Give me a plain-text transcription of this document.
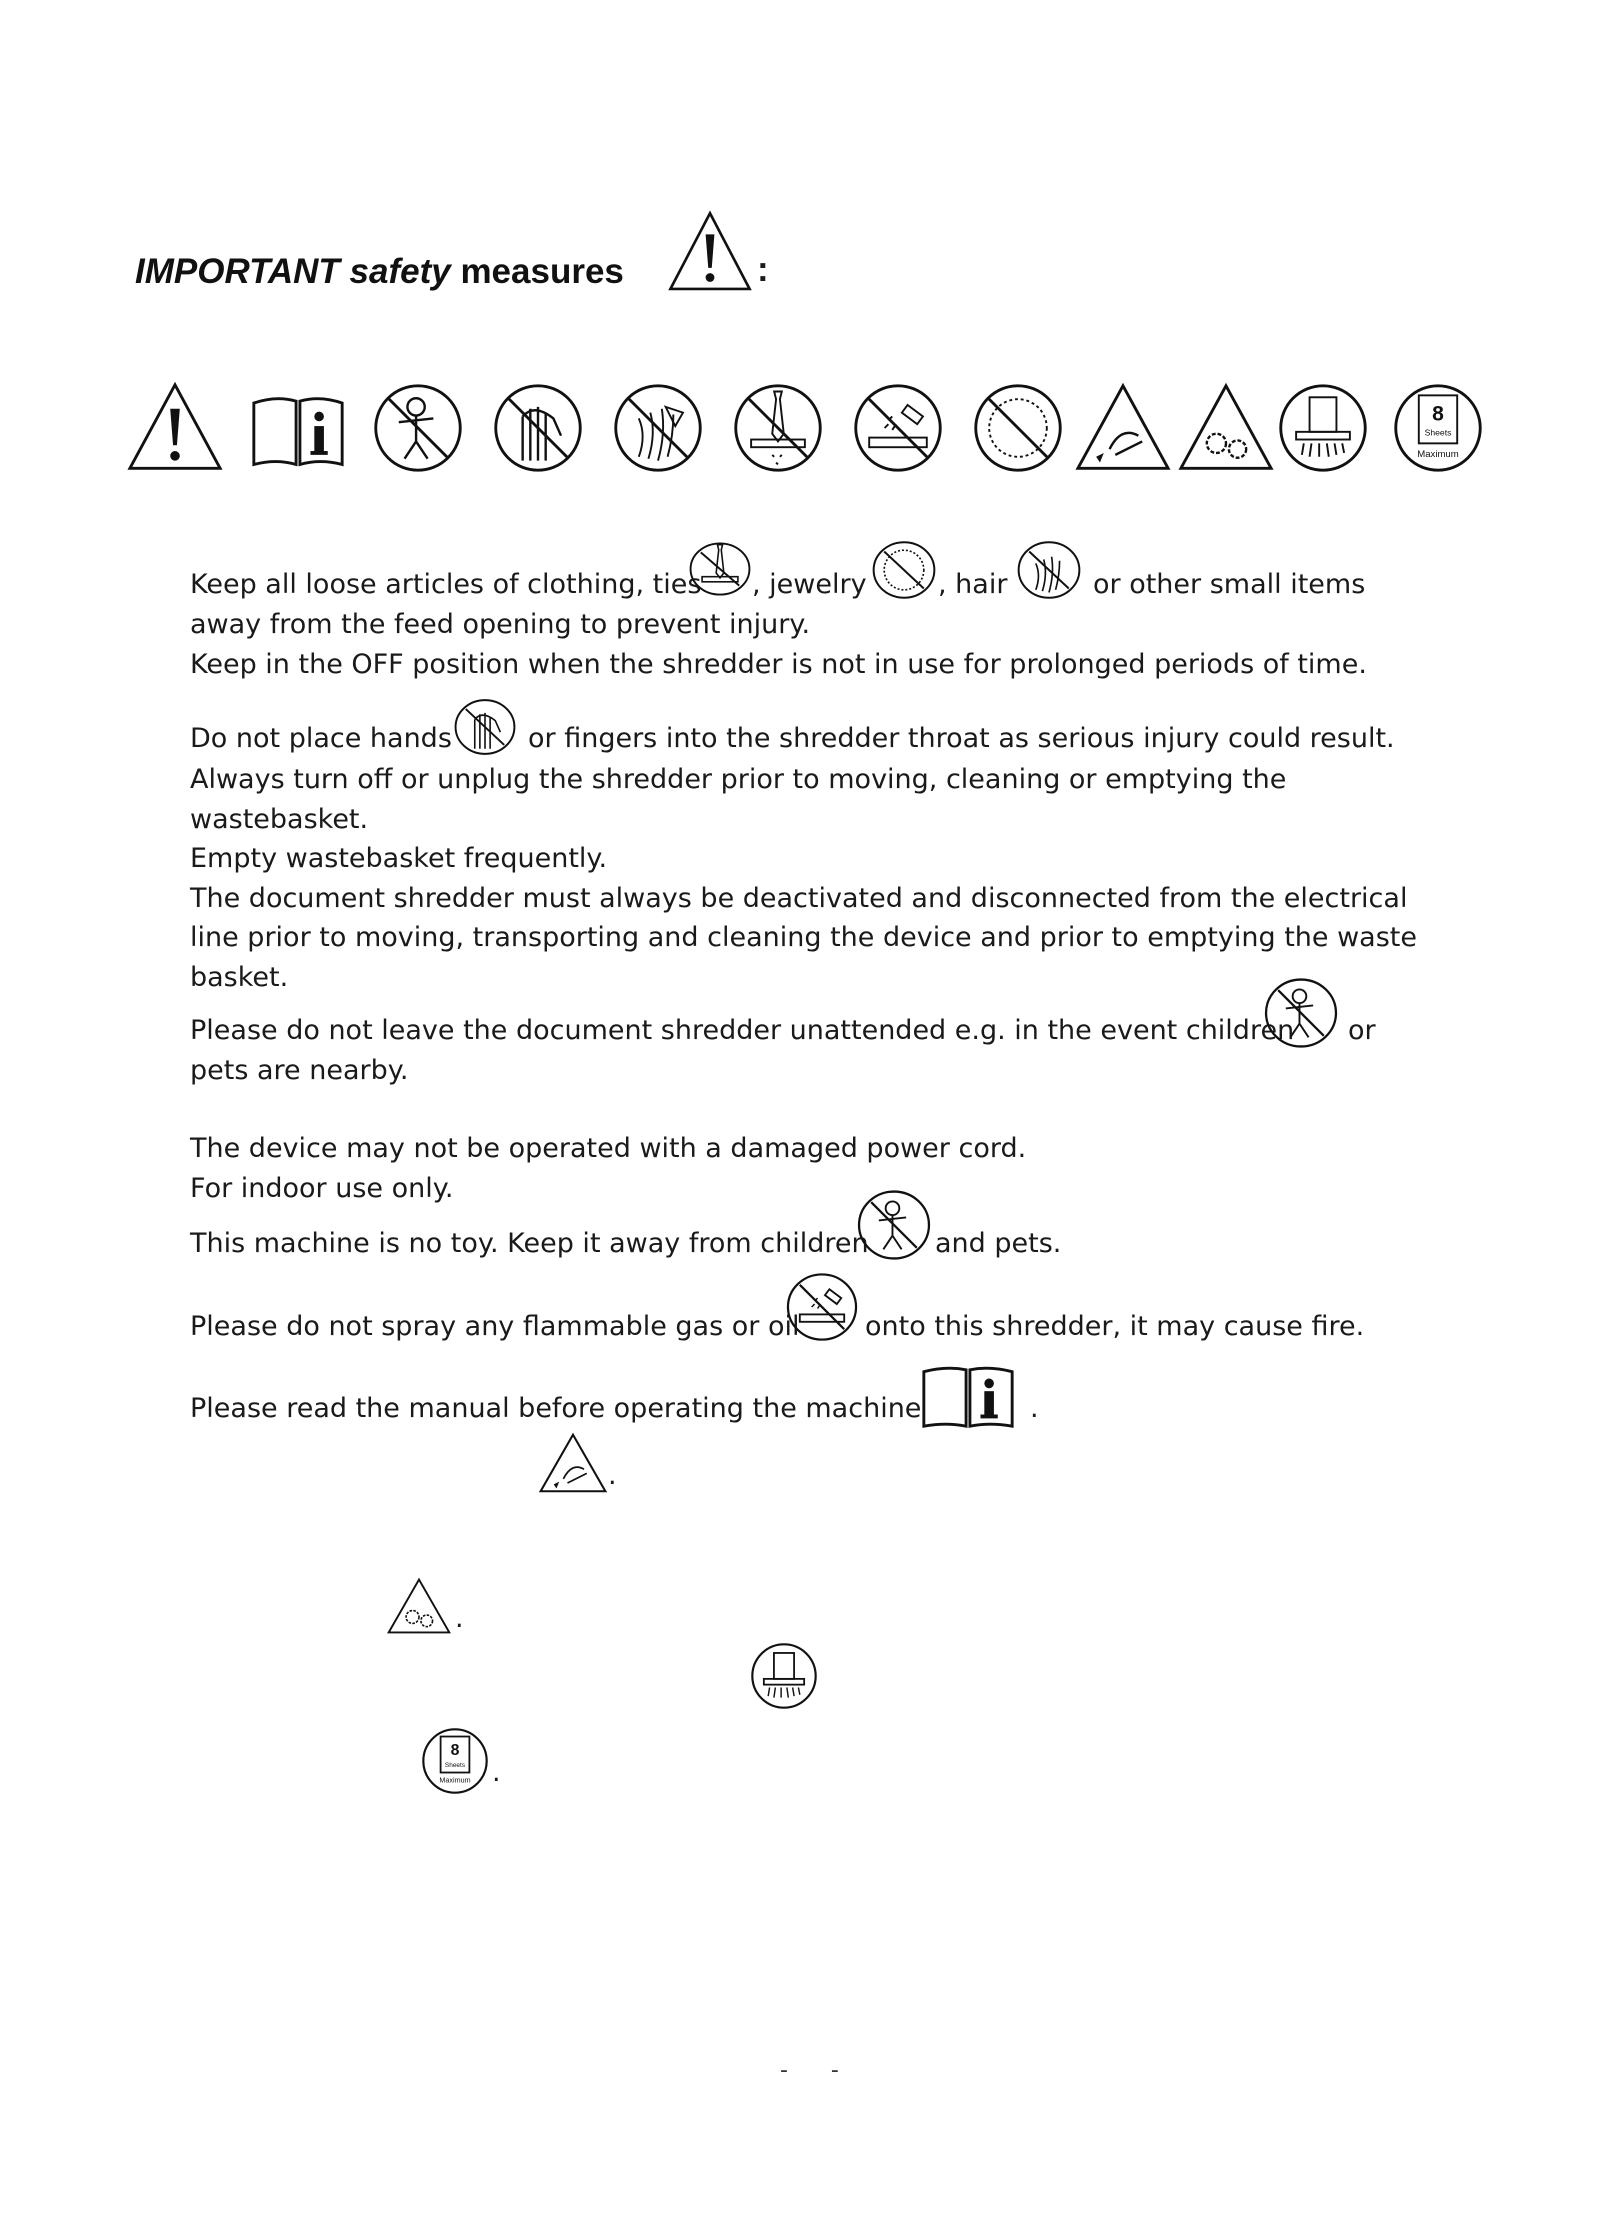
IMPORTANT safety measures	:
8
Sheets
Maximum
Keep all loose articles of clothing, ties , jewelry	, hair	or other small items
away from the feed opening to prevent injury.
Keep in the OFF position when the shredder is not in use for prolonged periods of time.
Do not place hands	or fingers into the shredder throat as serious injury could result.
Always turn off or unplug the shredder prior to moving, cleaning or emptying the
wastebasket.
Empty wastebasket frequently.
The document shredder must always be deactivated and disconnected from the electrical
line prior to moving, transporting and cleaning the device and prior to emptying the waste
basket.
Please do not leave the document shredder unattended e.g. in the event children or
pets are nearby.
The device may not be operated with a damaged power cord.
For indoor use only.
This machine is no toy. Keep it away from children and pets.
Please do not spray any flammable gas or oil onto this shredder, it may cause fire.
Please read the manual before operating the machine	.
.
.
8
Sheets
Maximum .
- -
